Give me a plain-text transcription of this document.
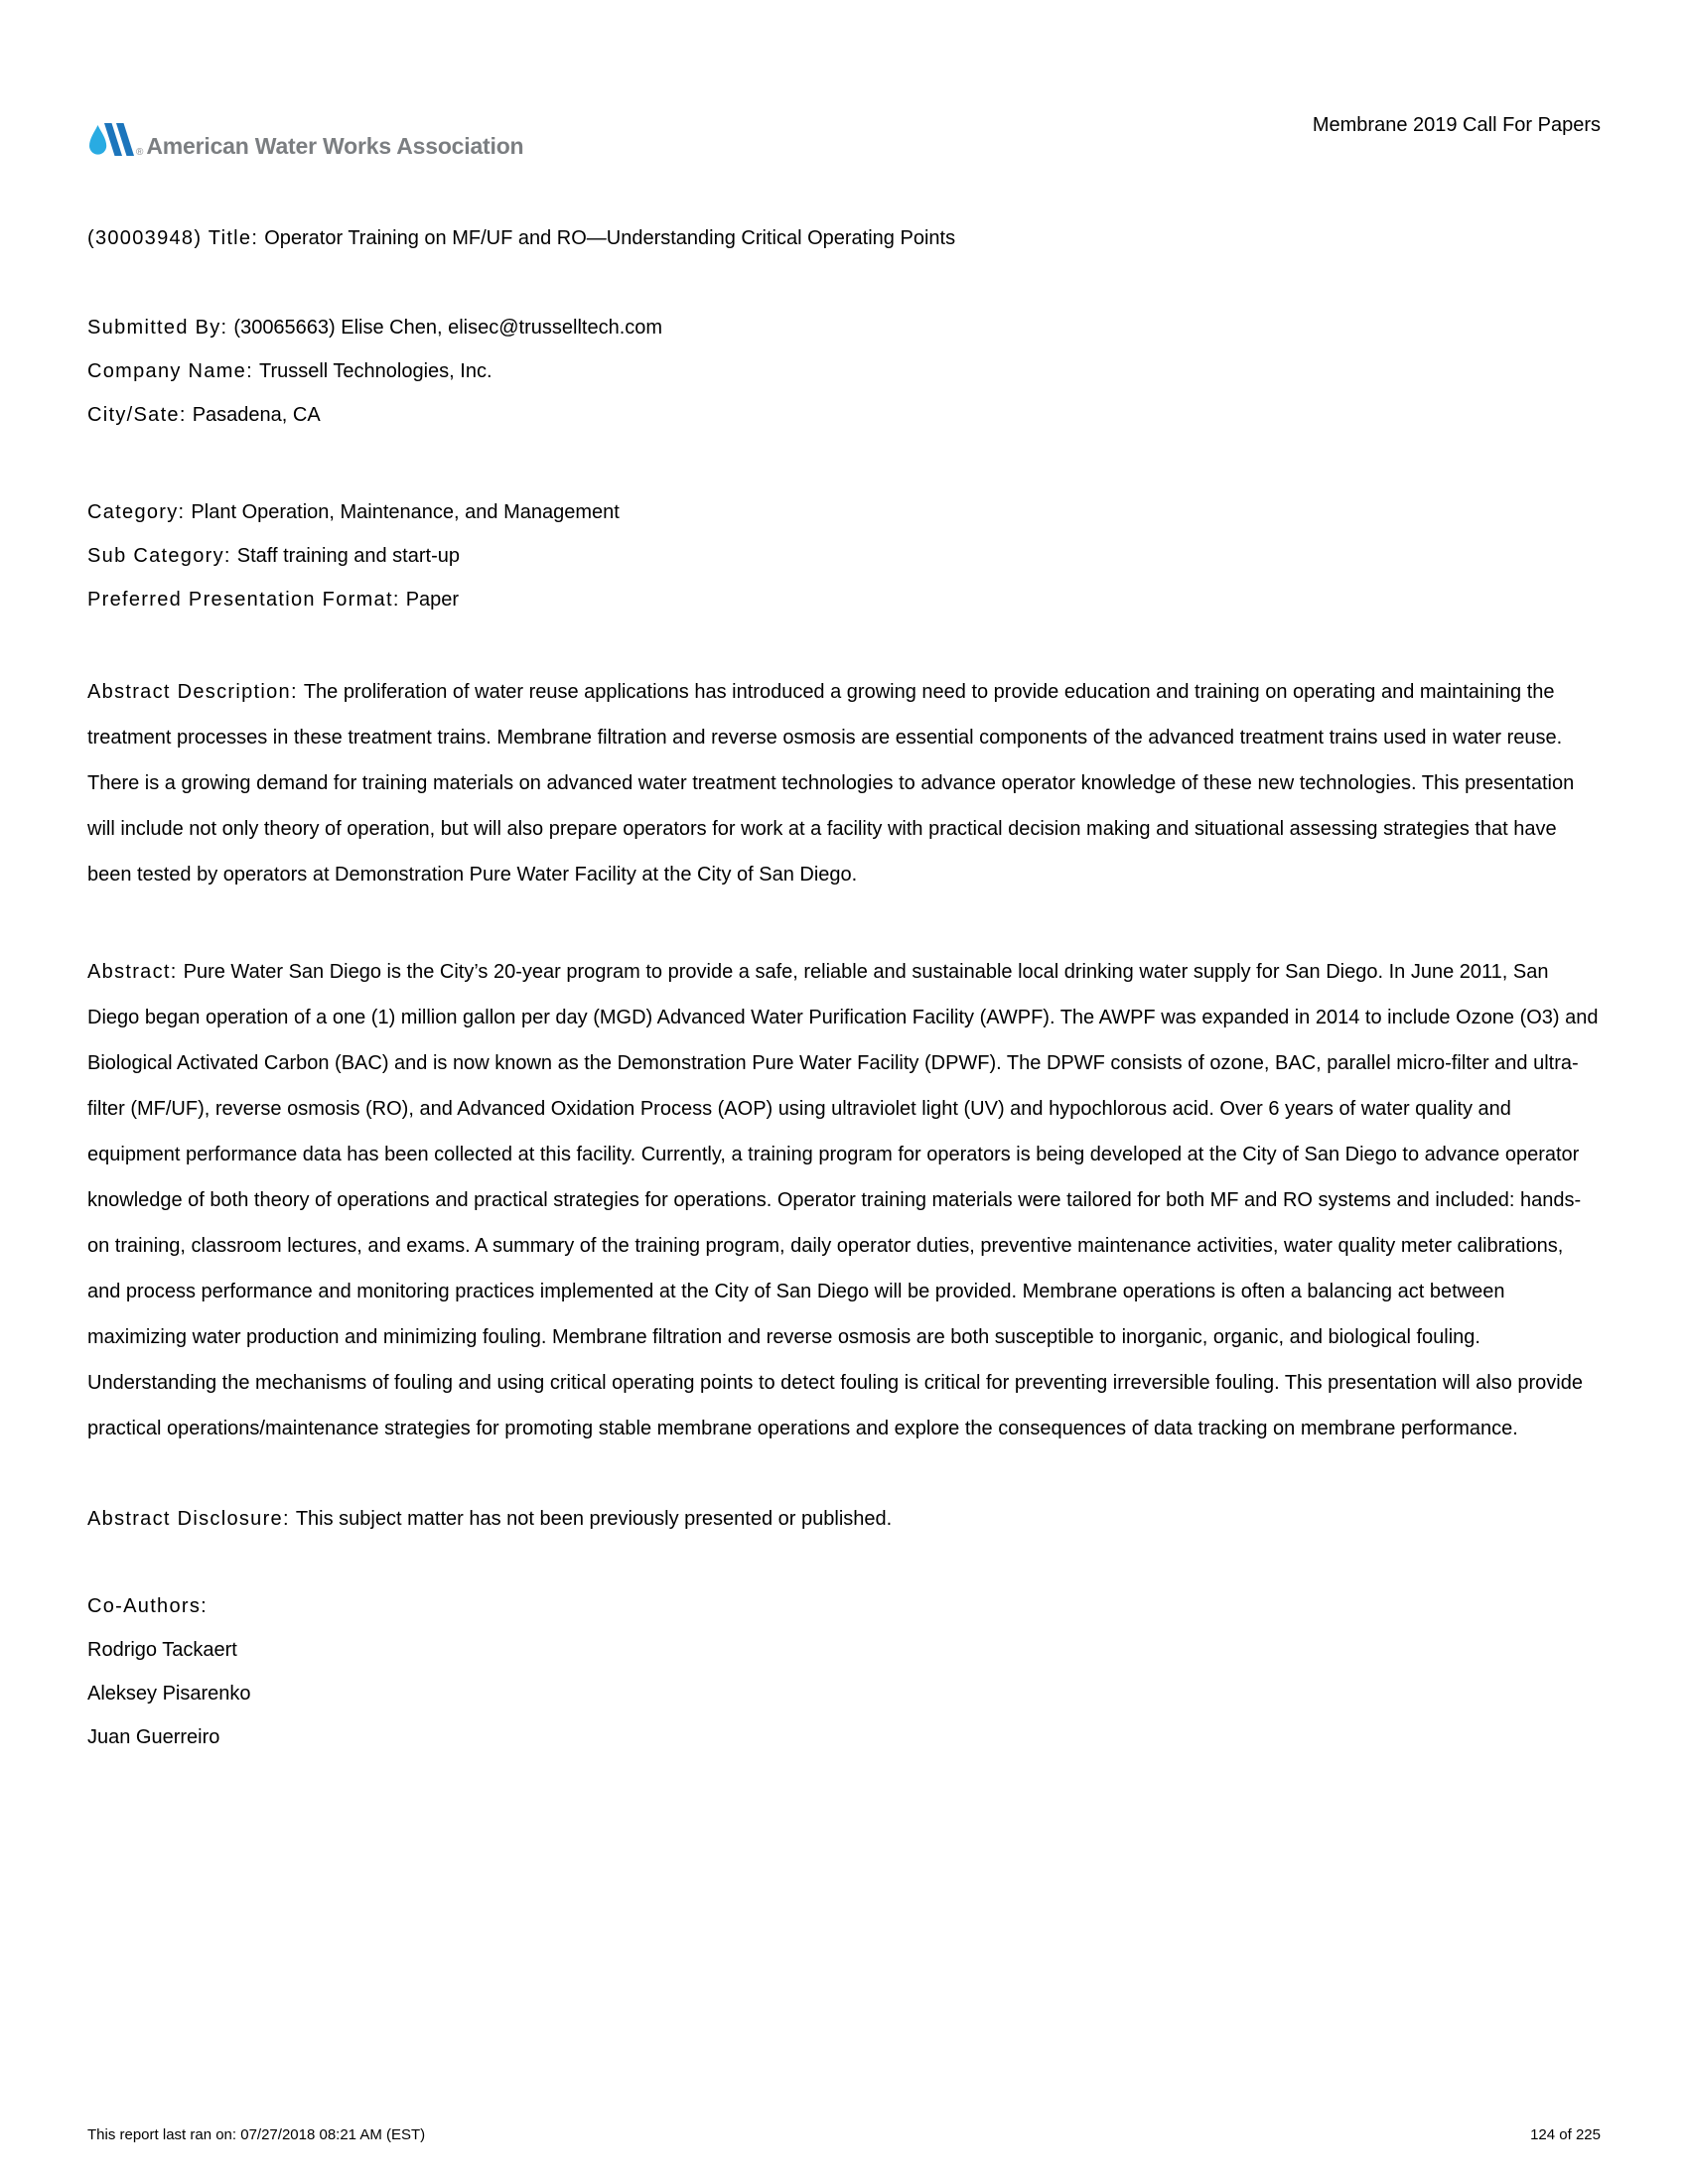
® American Water Works Association
Membrane 2019 Call For Papers
(30003948) Title: Operator Training on MF/UF and RO—Understanding Critical Operating Points
Submitted By: (30065663) Elise Chen, elisec@trusselltech.com
Company Name: Trussell Technologies, Inc.
City/Sate: Pasadena, CA
Category: Plant Operation, Maintenance, and Management
Sub Category: Staff training and start-up
Preferred Presentation Format: Paper
Abstract Description: The proliferation of water reuse applications has introduced a growing need to provide education and training on operating and maintaining the treatment processes in these treatment trains. Membrane filtration and reverse osmosis are essential components of the advanced treatment trains used in water reuse. There is a growing demand for training materials on advanced water treatment technologies to advance operator knowledge of these new technologies. This presentation will include not only theory of operation, but will also prepare operators for work at a facility with practical decision making and situational assessing strategies that have been tested by operators at Demonstration Pure Water Facility at the City of San Diego.
Abstract: Pure Water San Diego is the City’s 20-year program to provide a safe, reliable and sustainable local drinking water supply for San Diego. In June 2011, San Diego began operation of a one (1) million gallon per day (MGD) Advanced Water Purification Facility (AWPF). The AWPF was expanded in 2014 to include Ozone (O3) and Biological Activated Carbon (BAC) and is now known as the Demonstration Pure Water Facility (DPWF). The DPWF consists of ozone, BAC, parallel micro-filter and ultra-filter (MF/UF), reverse osmosis (RO), and Advanced Oxidation Process (AOP) using ultraviolet light (UV) and hypochlorous acid. Over 6 years of water quality and equipment performance data has been collected at this facility. Currently, a training program for operators is being developed at the City of San Diego to advance operator knowledge of both theory of operations and practical strategies for operations. Operator training materials were tailored for both MF and RO systems and included: hands-on training, classroom lectures, and exams. A summary of the training program, daily operator duties, preventive maintenance activities, water quality meter calibrations, and process performance and monitoring practices implemented at the City of San Diego will be provided. Membrane operations is often a balancing act between maximizing water production and minimizing fouling. Membrane filtration and reverse osmosis are both susceptible to inorganic, organic, and biological fouling. Understanding the mechanisms of fouling and using critical operating points to detect fouling is critical for preventing irreversible fouling. This presentation will also provide practical operations/maintenance strategies for promoting stable membrane operations and explore the consequences of data tracking on membrane performance.
Abstract Disclosure: This subject matter has not been previously presented or published.
Co-Authors:
Rodrigo Tackaert
Aleksey Pisarenko
Juan Guerreiro
This report last ran on: 07/27/2018 08:21 AM (EST)	124 of 225
